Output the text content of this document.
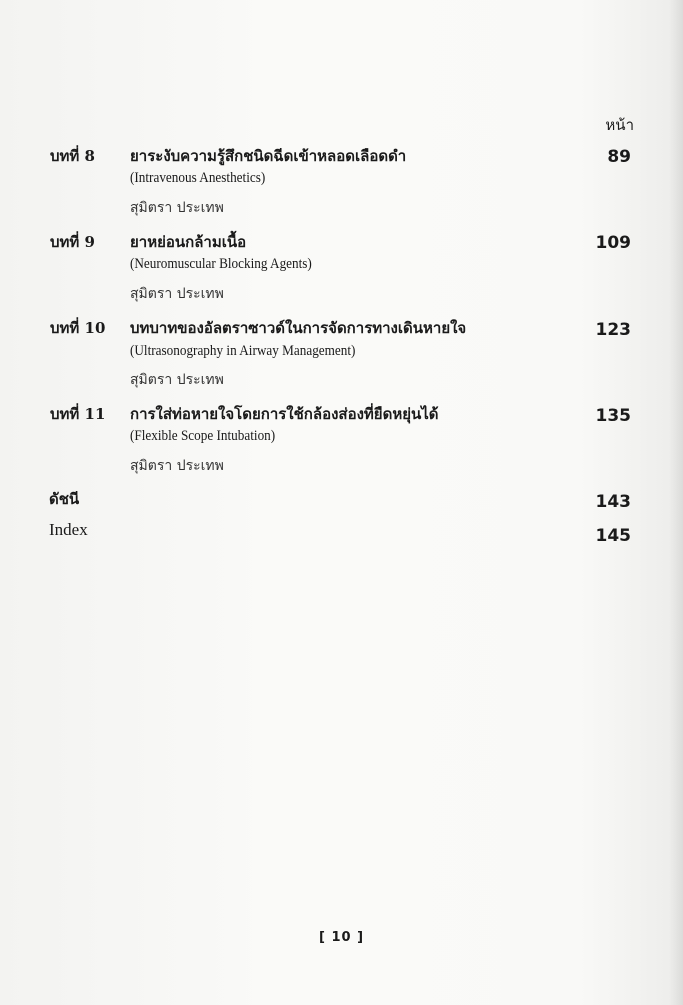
หน้า
บทที่ 8 ยาระงับความรู้สึกชนิดฉีดเข้าหลอดเลือดดำ
(Intravenous Anesthetics)
สุมิตรา ประเทพ
89
บทที่ 9 ยาหย่อนกล้ามเนื้อ
(Neuromuscular Blocking Agents)
สุมิตรา ประเทพ
109
บทที่ 10 บทบาทของอัลตราซาวด์ในการจัดการทางเดินหายใจ
(Ultrasonography in Airway Management)
สุมิตรา ประเทพ
123
บทที่ 11 การใส่ท่อหายใจโดยการใช้กล้องส่องที่ยืดหยุ่นได้
(Flexible Scope Intubation)
สุมิตรา ประเทพ
135
ดัชนี	143
Index	145
[ 10 ]
